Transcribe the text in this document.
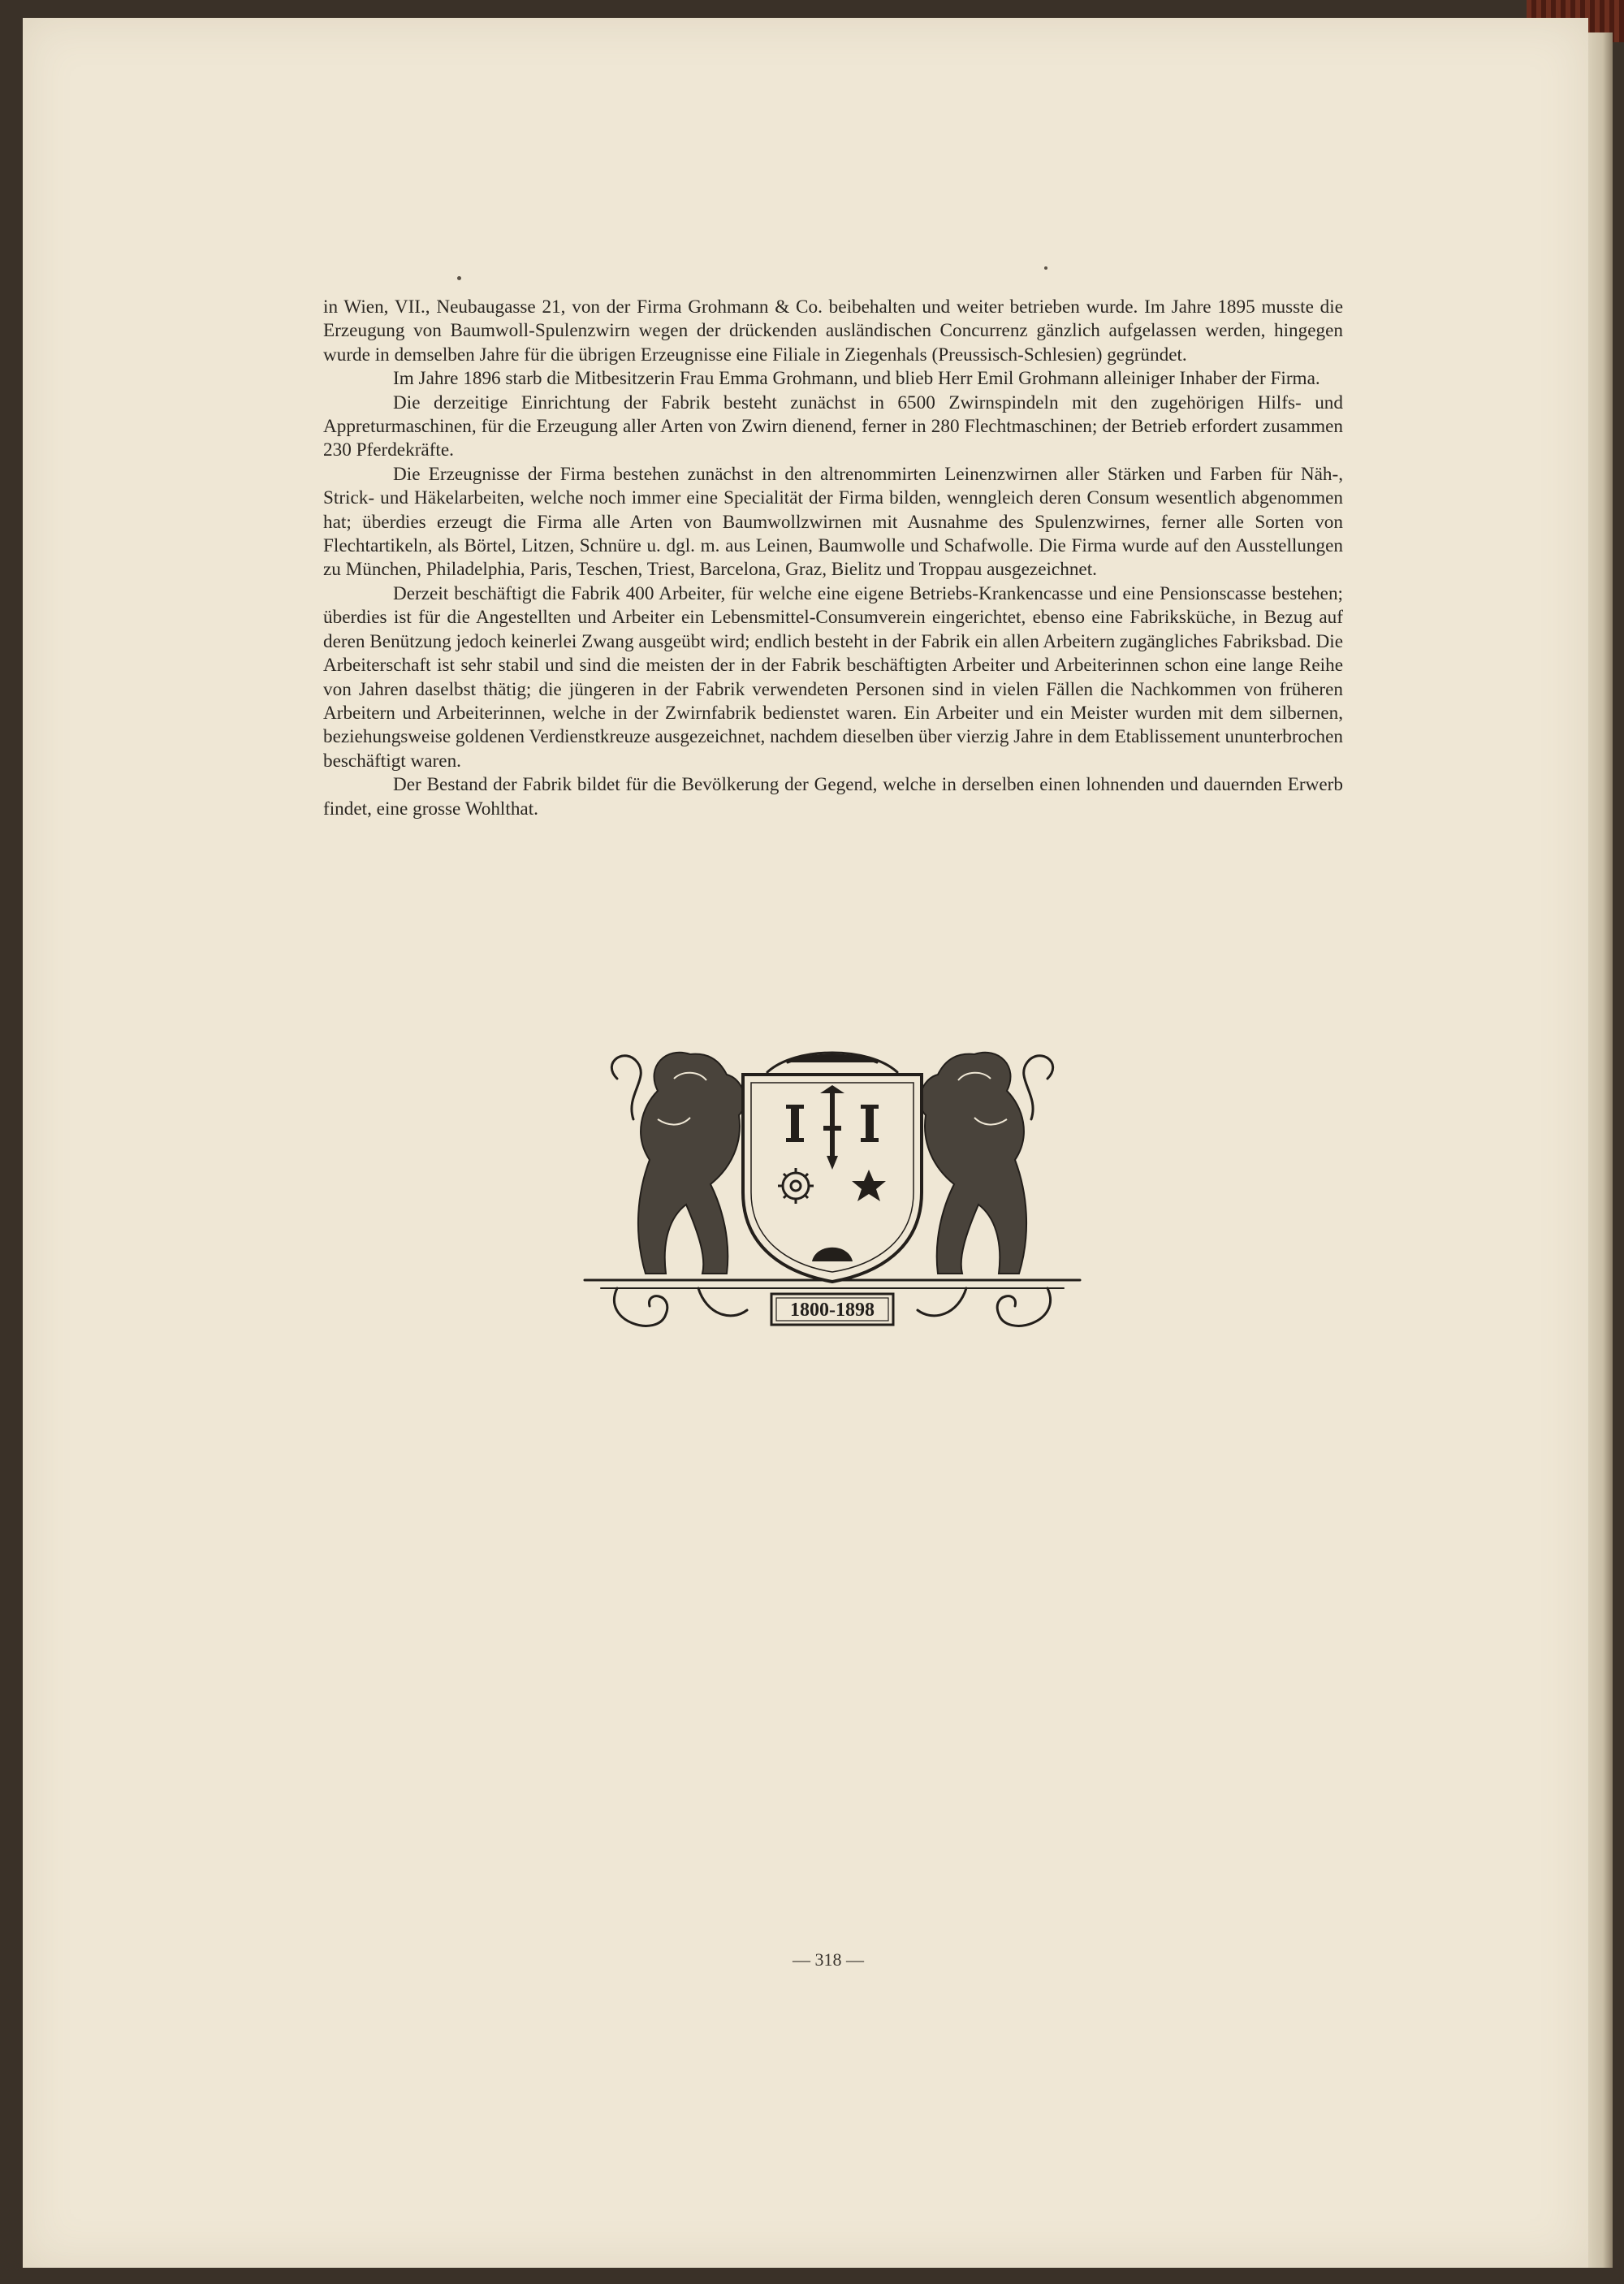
in Wien, VII., Neubaugasse 21, von der Firma Grohmann & Co. beibehalten und weiter betrieben wurde. Im Jahre 1895 musste die Erzeugung von Baumwoll-Spulenzwirn wegen der drückenden ausländischen Concurrenz gänzlich aufgelassen werden, hingegen wurde in demselben Jahre für die übrigen Erzeugnisse eine Filiale in Ziegenhals (Preussisch-Schlesien) gegründet.

Im Jahre 1896 starb die Mitbesitzerin Frau Emma Grohmann, und blieb Herr Emil Grohmann alleiniger Inhaber der Firma.

Die derzeitige Einrichtung der Fabrik besteht zunächst in 6500 Zwirnspindeln mit den zugehörigen Hilfs- und Appreturmaschinen, für die Erzeugung aller Arten von Zwirn dienend, ferner in 280 Flechtmaschinen; der Betrieb erfordert zusammen 230 Pferdekräfte.

Die Erzeugnisse der Firma bestehen zunächst in den altrenommirten Leinenzwirnen aller Stärken und Farben für Näh-, Strick- und Häkelarbeiten, welche noch immer eine Specialität der Firma bilden, wenngleich deren Consum wesentlich abgenommen hat; überdies erzeugt die Firma alle Arten von Baumwollzwirnen mit Ausnahme des Spulenzwirnes, ferner alle Sorten von Flechtartikeln, als Börtel, Litzen, Schnüre u. dgl. m. aus Leinen, Baumwolle und Schafwolle. Die Firma wurde auf den Ausstellungen zu München, Philadelphia, Paris, Teschen, Triest, Barcelona, Graz, Bielitz und Troppau ausgezeichnet.

Derzeit beschäftigt die Fabrik 400 Arbeiter, für welche eine eigene Betriebs-Krankencasse und eine Pensionscasse bestehen; überdies ist für die Angestellten und Arbeiter ein Lebensmittel-Consumverein eingerichtet, ebenso eine Fabriksküche, in Bezug auf deren Benützung jedoch keinerlei Zwang ausgeübt wird; endlich besteht in der Fabrik ein allen Arbeitern zugängliches Fabriksbad. Die Arbeiterschaft ist sehr stabil und sind die meisten der in der Fabrik beschäftigten Arbeiter und Arbeiterinnen schon eine lange Reihe von Jahren daselbst thätig; die jüngeren in der Fabrik verwendeten Personen sind in vielen Fällen die Nachkommen von früheren Arbeitern und Arbeiterinnen, welche in der Zwirnfabrik bedienstet waren. Ein Arbeiter und ein Meister wurden mit dem silbernen, beziehungsweise goldenen Verdienstkreuze ausgezeichnet, nachdem dieselben über vierzig Jahre in dem Etablissement ununterbrochen beschäftigt waren.

Der Bestand der Fabrik bildet für die Bevölkerung der Gegend, welche in derselben einen lohnenden und dauernden Erwerb findet, eine grosse Wohlthat.

1800-1898
— 318 —
